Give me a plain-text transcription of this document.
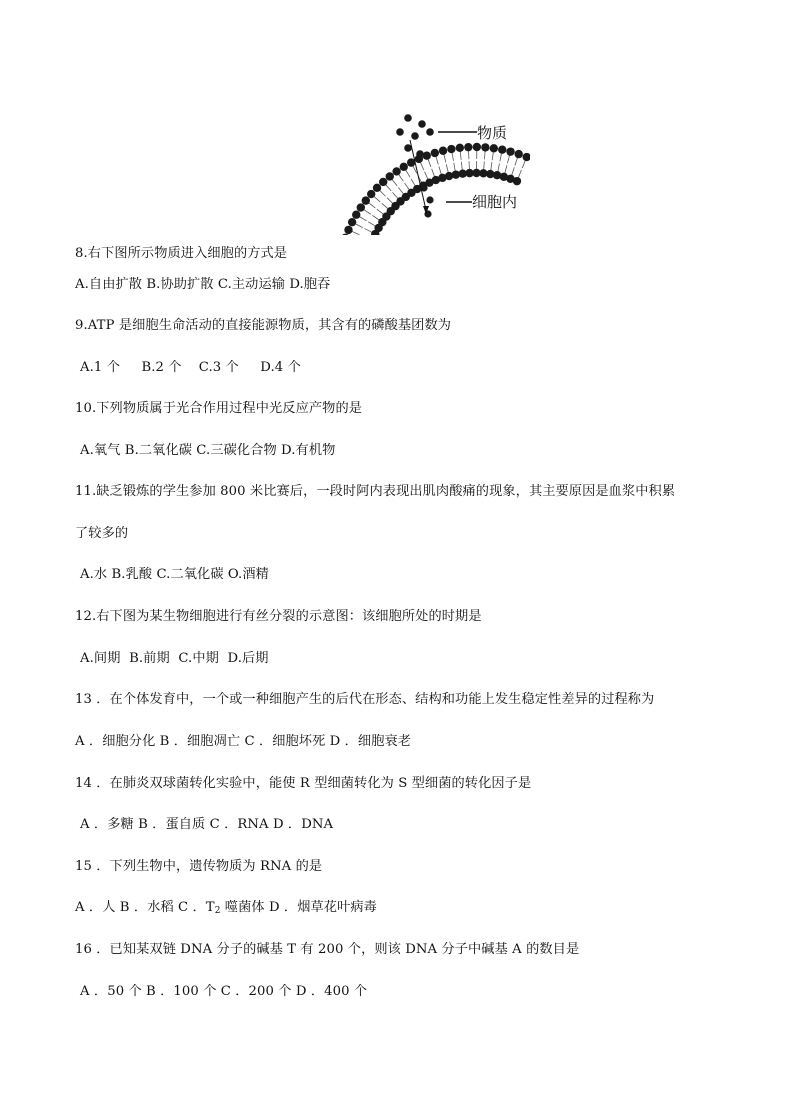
物质
细胞内
8.右下图所示物质进入细胞的方式是
A.自由扩散 B.协助扩散 C.主动运输 D.胞吞
9.ATP 是细胞生命活动的直接能源物质，其含有的磷酸基团数为
A.1 个     B.2 个    C.3 个     D.4 个
10.下列物质属于光合作用过程中光反应产物的是
A.氧气 B.二氧化碳 C.三碳化合物 D.有机物
11.缺乏锻炼的学生参加 800 米比赛后，一段时阿内表现出肌肉酸痛的现象，其主要原因是血浆中积累
了较多的
A.水 B.乳酸 C.二氧化碳 O.酒精
12.右下图为某生物细胞进行有丝分裂的示意图：该细胞所处的时期是
A.间期  B.前期  C.中期  D.后期
13 ．在个体发育中，一个或一种细胞产生的后代在形态、结构和功能上发生稳定性差异的过程称为
A ．细胞分化 B ．细胞凋亡 C ．细胞坏死 D ．细胞衰老
14 ．在肺炎双球菌转化实验中，能使 R 型细菌转化为 S 型细菌的转化因子是
A ．多糖 B ．蛋自质 C ．RNA D ．DNA
15 ．下列生物中，遗传物质为 RNA 的是
A ．人 B ．水稻 C ．$T_2$ 噬菌体 D ．烟草花叶病毒
16 ．已知某双链 DNA 分子的碱基 T 有 200 个，则该 DNA 分子中碱基 A 的数目是
A ．50 个 B ．100 个 C ．200 个 D ．400 个
